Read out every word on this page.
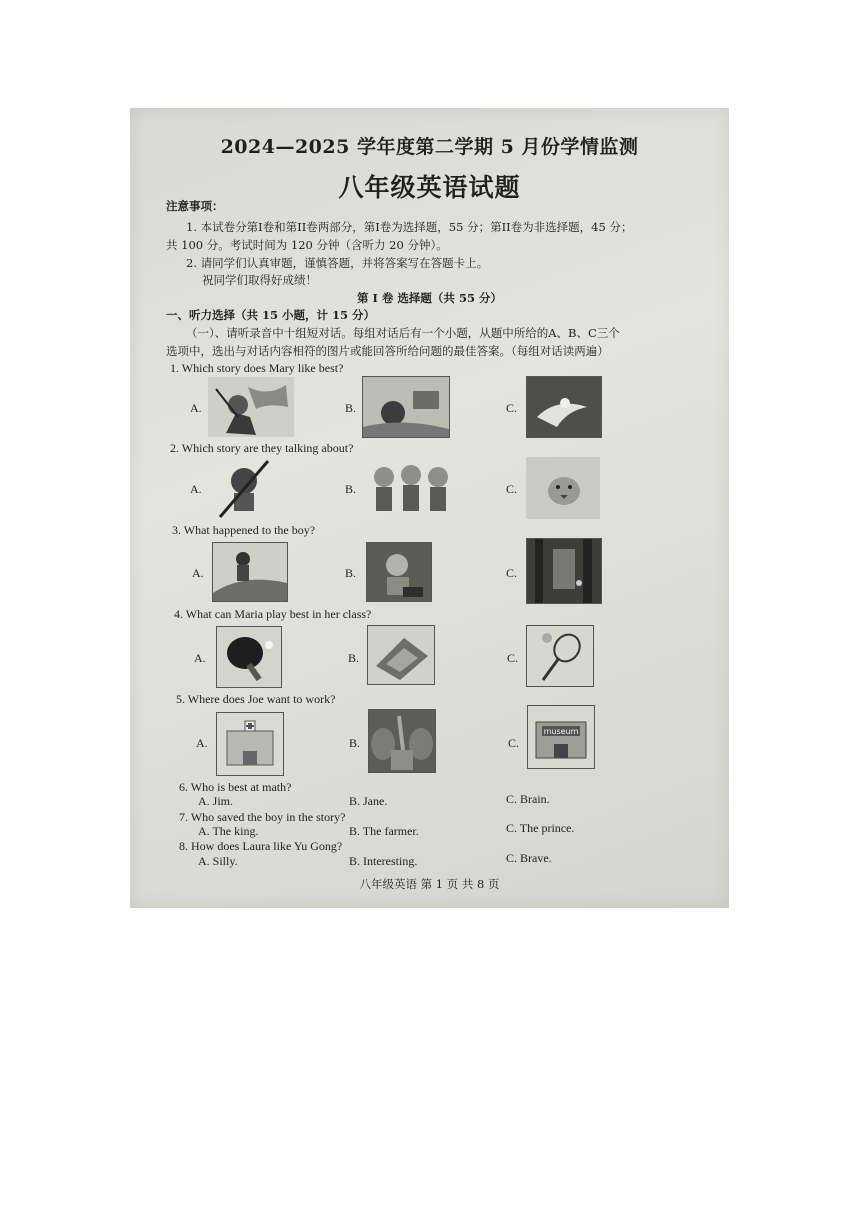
2024—2025 学年度第二学期 5 月份学情监测
八年级英语试题
注意事项：
1. 本试卷分第I卷和第II卷两部分，第I卷为选择题，55 分；第II卷为非选择题，45 分；
共 100 分。考试时间为 120 分钟（含听力 20 分钟）。
2. 请同学们认真审题，谨慎答题，并将答案写在答题卡上。
祝同学们取得好成绩！
第 I 卷 选择题（共 55 分）
一、听力选择（共 15 小题，计 15 分）
（一）、请听录音中十组短对话。每组对话后有一个小题，从题中所给的A、B、C三个
选项中，选出与对话内容相符的图片或能回答所给问题的最佳答案。（每组对话读两遍）
1. Which story does Mary like best?
A.	B.	C.
2. Which story are they talking about?
A.	B.	C.
3. What happened to the boy?
A.	B.	C.
4. What can Maria play best in her class?
A.	B.	C.
5. Where does Joe want to work?
A.	B.	C.
museum
6. Who is best at math?
A. Jim.	B. Jane.	C. Brain.
7. Who saved the boy in the story?
A. The king.	B. The farmer.	C. The prince.
8. How does Laura like Yu Gong?
A. Silly.	B. Interesting.	C. Brave.
八年级英语 第 1 页 共 8 页
